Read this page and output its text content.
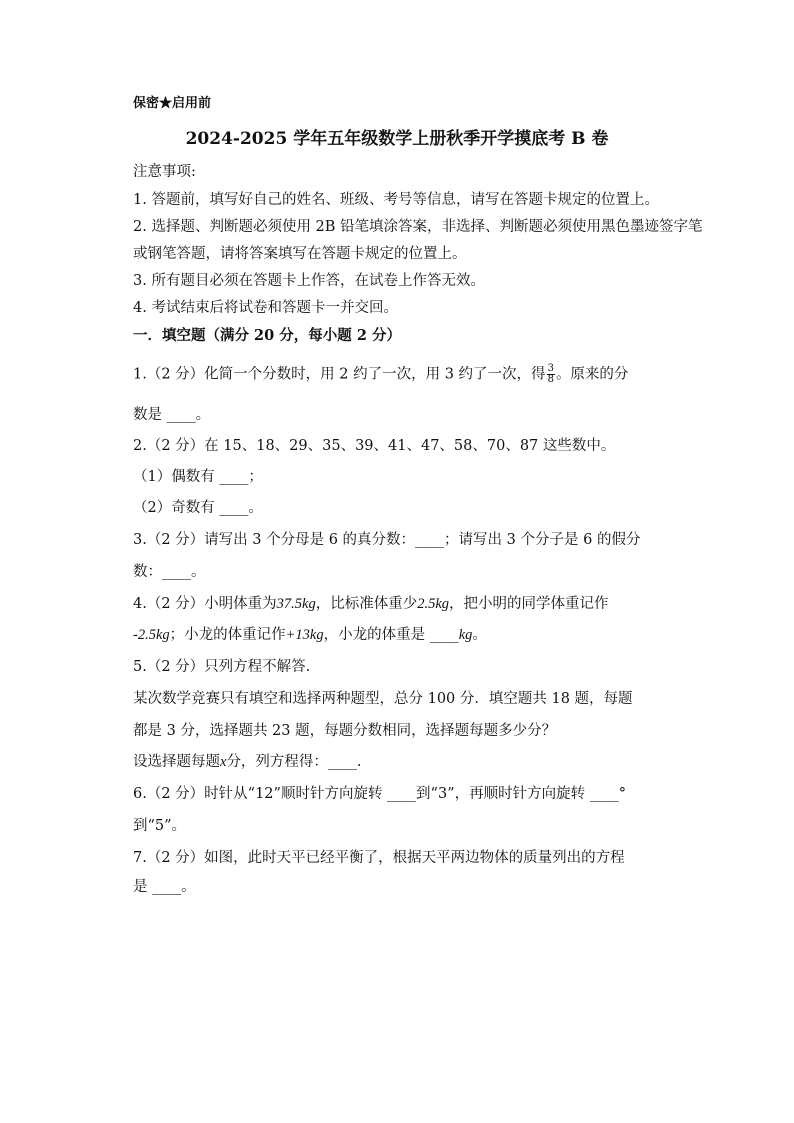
保密★启用前
2024-2025 学年五年级数学上册秋季开学摸底考 B 卷
注意事项:
1. 答题前，填写好自己的姓名、班级、考号等信息，请写在答题卡规定的位置上。
2. 选择题、判断题必须使用 2B 铅笔填涂答案，非选择、判断题必须使用黑色墨迹签字笔
或钢笔答题，请将答案填写在答题卡规定的位置上。
3. 所有题目必须在答题卡上作答，在试卷上作答无效。
4. 考试结束后将试卷和答题卡一并交回。
一．填空题（满分 20 分，每小题 2 分）
1.（2 分）化简一个分数时，用 2 约了一次，用 3 约了一次，得 $\frac{3}{8}$ 。原来的分
数是 ____。
2.（2 分）在 15、18、29、35、39、41、47、58、70、87 这些数中。
（1）偶数有 ____；
（2）奇数有 ____。
3.（2 分）请写出 3 个分母是 6 的真分数：____；请写出 3 个分子是 6 的假分
数：____。
4.（2 分）小明体重为37.5kg，比标准体重少2.5kg，把小明的同学体重记作
-2.5kg；小龙的体重记作+13kg，小龙的体重是 ____kg。
5.（2 分）只列方程不解答.
某次数学竞赛只有填空和选择两种题型，总分 100 分．填空题共 18 题，每题
都是 3 分，选择题共 23 题，每题分数相同，选择题每题多少分？
设选择题每题x分，列方程得：____.
6.（2 分）时针从“12”顺时针方向旋转 ____到“3”，再顺时针方向旋转 ____°
到“5”。
7.（2 分）如图，此时天平已经平衡了，根据天平两边物体的质量列出的方程
是 ____。
